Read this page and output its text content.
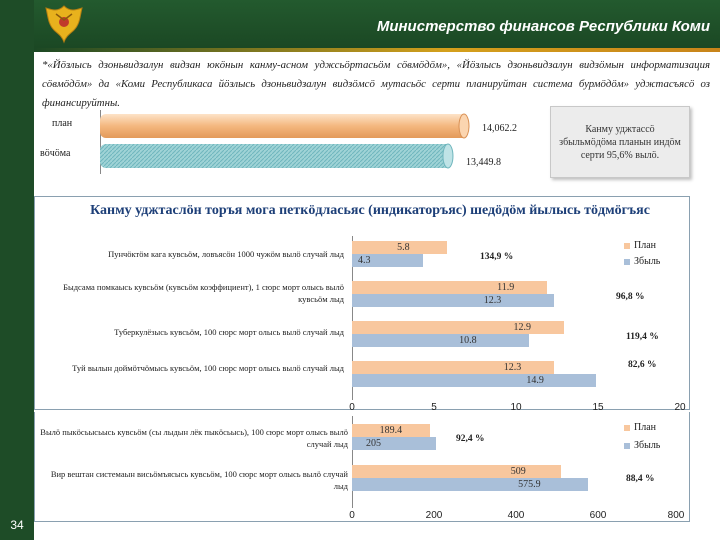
34
Министерство финансов Республики Коми
*«Йӧзлысь дзоньвидзалун видзан юкӧнын канму-асном уджсьӧртасьӧм сӧвмӧдӧм», «Йӧзлысь дзоньвидзалун видзӧмын информатизация сӧвмӧдӧм» да «Коми Республикаса йӧзлысь дзоньвидзалун видзӧмсӧ мутасьӧс серти планируйтан система бурмӧдӧм» уджтасъясӧ оз финансируйтны.
план
вӧчӧма
14,062.2
13,449.8
Канму уджтассӧ збыльмӧдӧма планын индӧм серти 95,6% вылӧ.
Канму уджтаслӧн торъя мога петкӧдласьяс (индикаторъяс) шедӧдӧм йылысь тӧдмӧгъяс
Пунчӧктӧм кага кувсьӧм, ловъясӧн 1000 чужӧм вылӧ случай лыд
Быдсама помкаысь кувсьӧм (кувсьӧм коэффициент), 1 сюрс морт олысь вылӧ кувсьӧм лыд
Туберкулёзысь кувсьӧм, 100 сюрс морт олысь вылӧ случай лыд
Туй вылын доймӧтчӧмысь кувсьӧм, 100 сюрс морт олысь вылӧ случай лыд
5.8
4.3
11.9
12.3
12.9
10.8
12.3
14.9
0	5	10	15	20
134,9 %
96,8 %
119,4 %
82,6 %
План
Збыль
Вылӧ пыкӧсьысьысь кувсьӧм (сы лыдын лёк пыкӧсьысь), 100 сюрс морт олысь вылӧ случай лыд
Вир вештан системаын висьӧмъясысь кувсьӧм, 100 сюрс морт олысь вылӧ случай лыд
189.4
205
509
575.9
0	200	400	600	800
92,4 %
88,4 %
План
Збыль
